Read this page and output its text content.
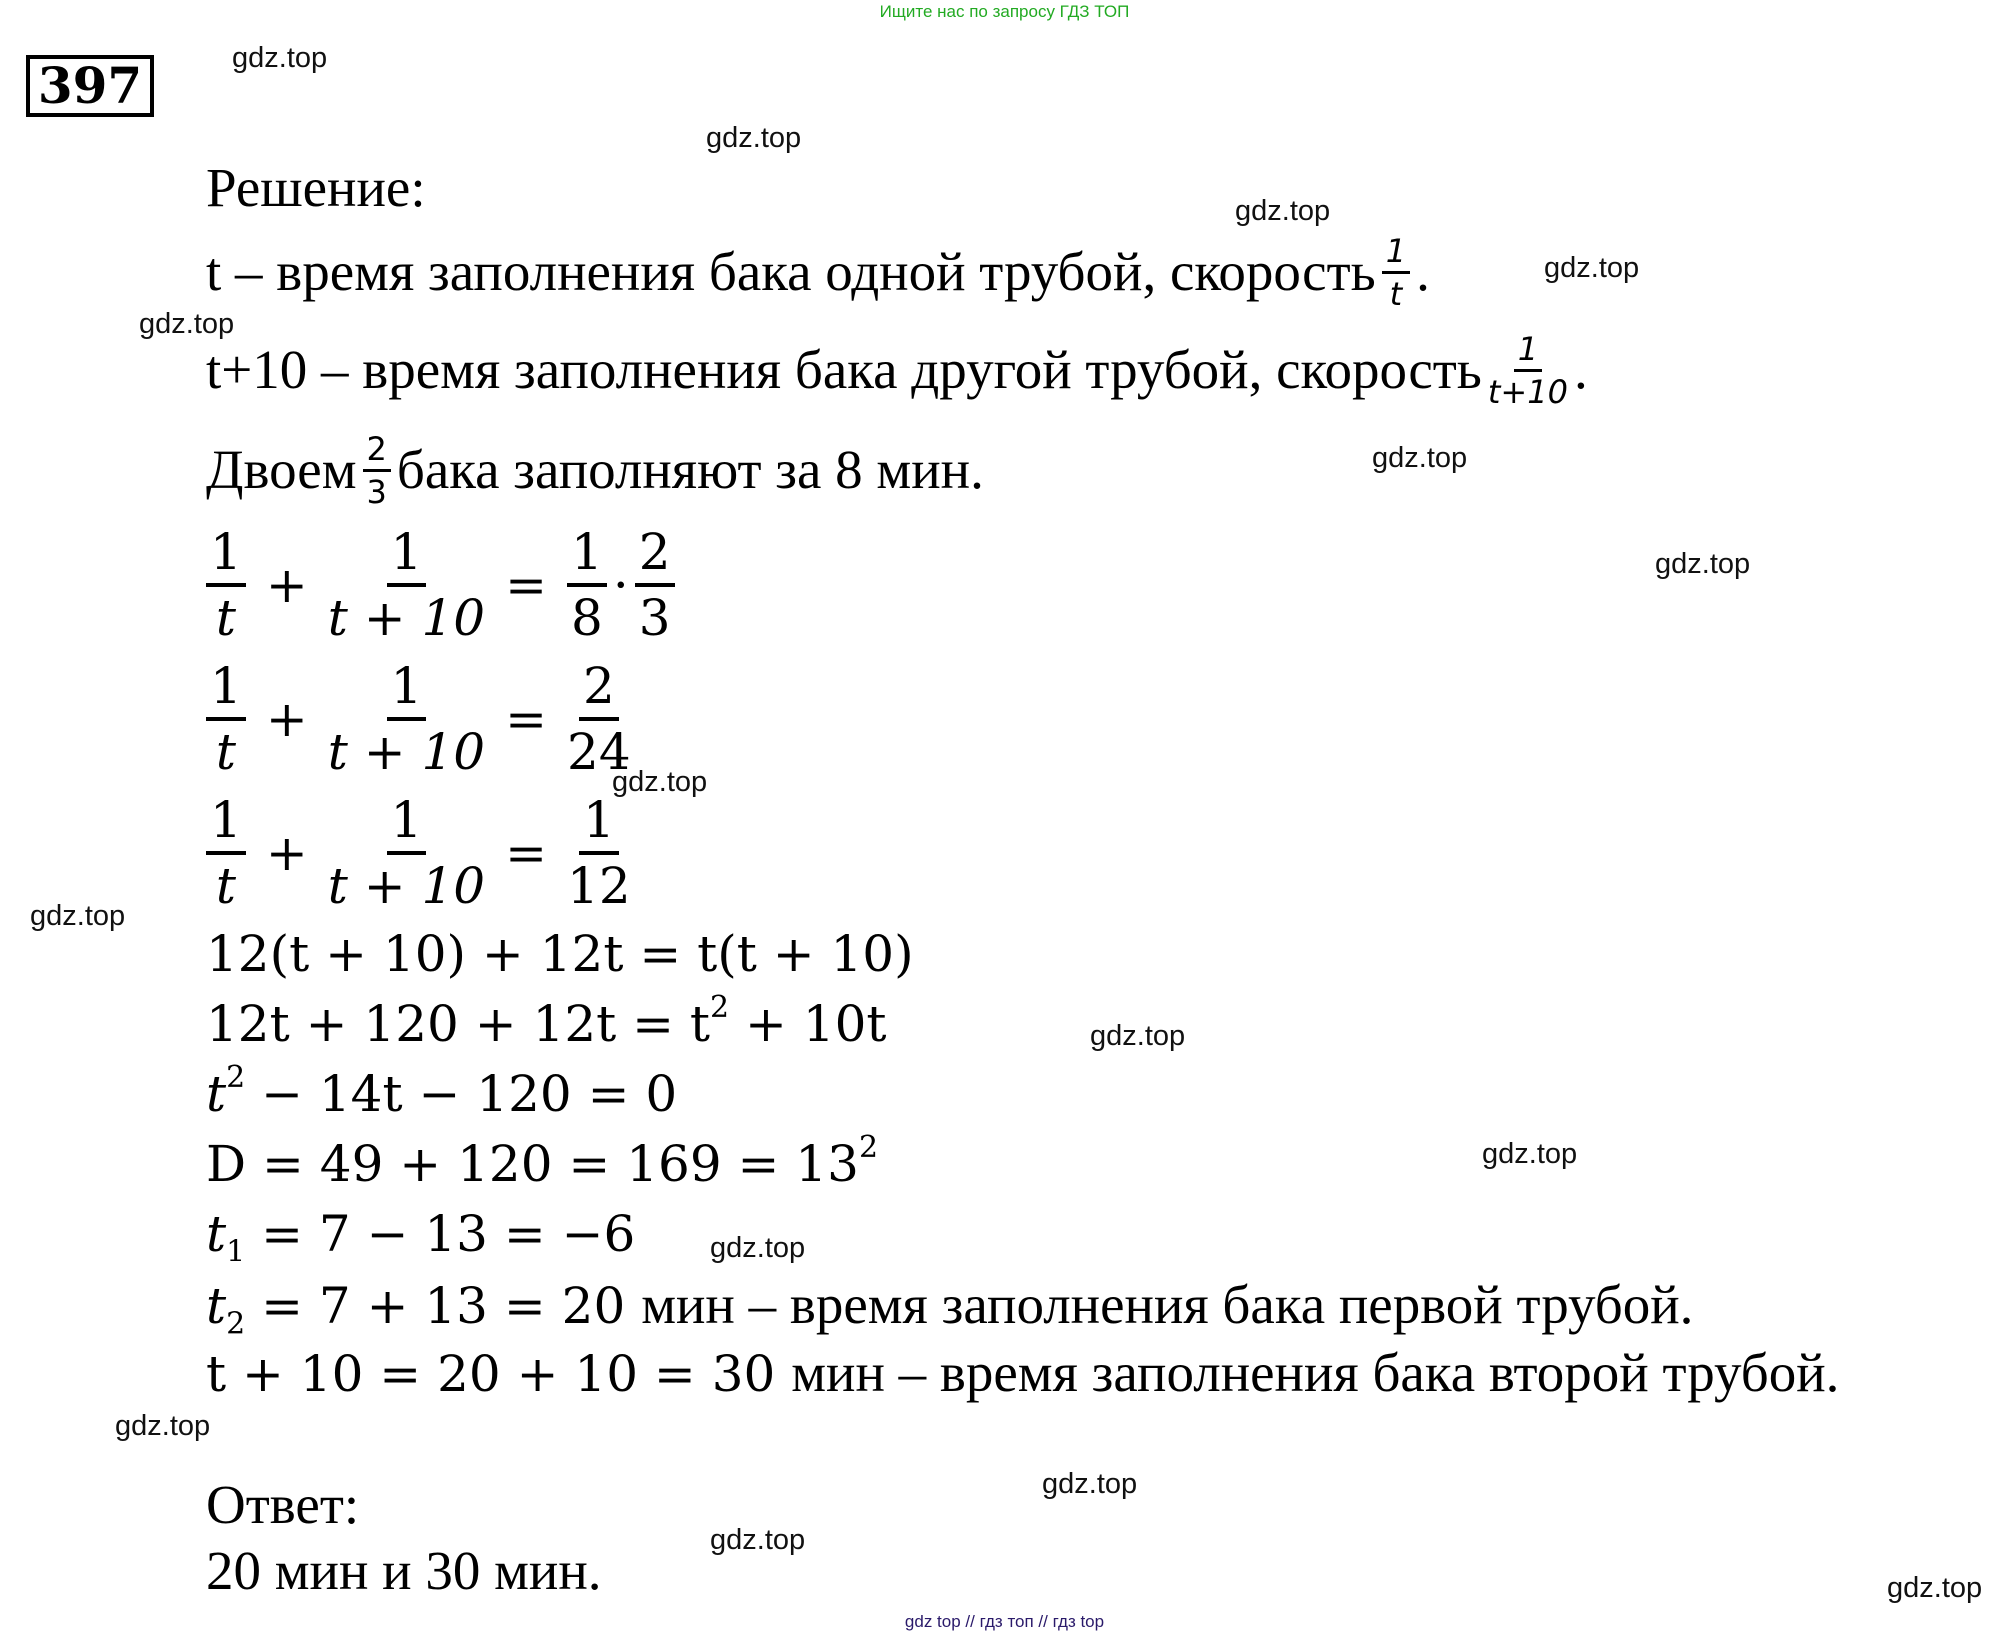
Ищите нас по запросу ГДЗ ТОП
397	gdz.top
gdz.top
gdz.top
gdz.top
gdz.top
gdz.top
gdz.top
gdz.top
gdz.top
gdz.top
gdz.top
gdz.top
gdz.top
gdz.top
gdz.top
gdz.top
Решение:
t – время заполнения бака одной трубой, скорость $\frac{1}{t}$ .
t+10 – время заполнения бака другой трубой, скорость $\frac{1}{t+10}$ .
Двоем $\frac{2}{3}$ бака заполняют за 8 мин.
$\frac{1}{t} + \frac{1}{t + 10} = \frac{1}{8} \cdot \frac{2}{3}$
$\frac{1}{t} + \frac{1}{t + 10} = \frac{2}{24}$
$\frac{1}{t} + \frac{1}{t + 10} = \frac{1}{12}$
12(t + 10) + 12t = t(t + 10)
$12t + 120 + 12t = t^2 + 10t$
$t^2 - 14t - 120 = 0$
$D = 49 + 120 = 169 = 13^2$
$t_1 = 7 - 13 = -6$
$t_2 = 7 + 13 = 20$ мин – время заполнения бака первой трубой.
t + 10 = 20 + 10 = 30 мин – время заполнения бака второй трубой.
Ответ:
20 мин и 30 мин.
gdz top // гдз топ // гдз top
